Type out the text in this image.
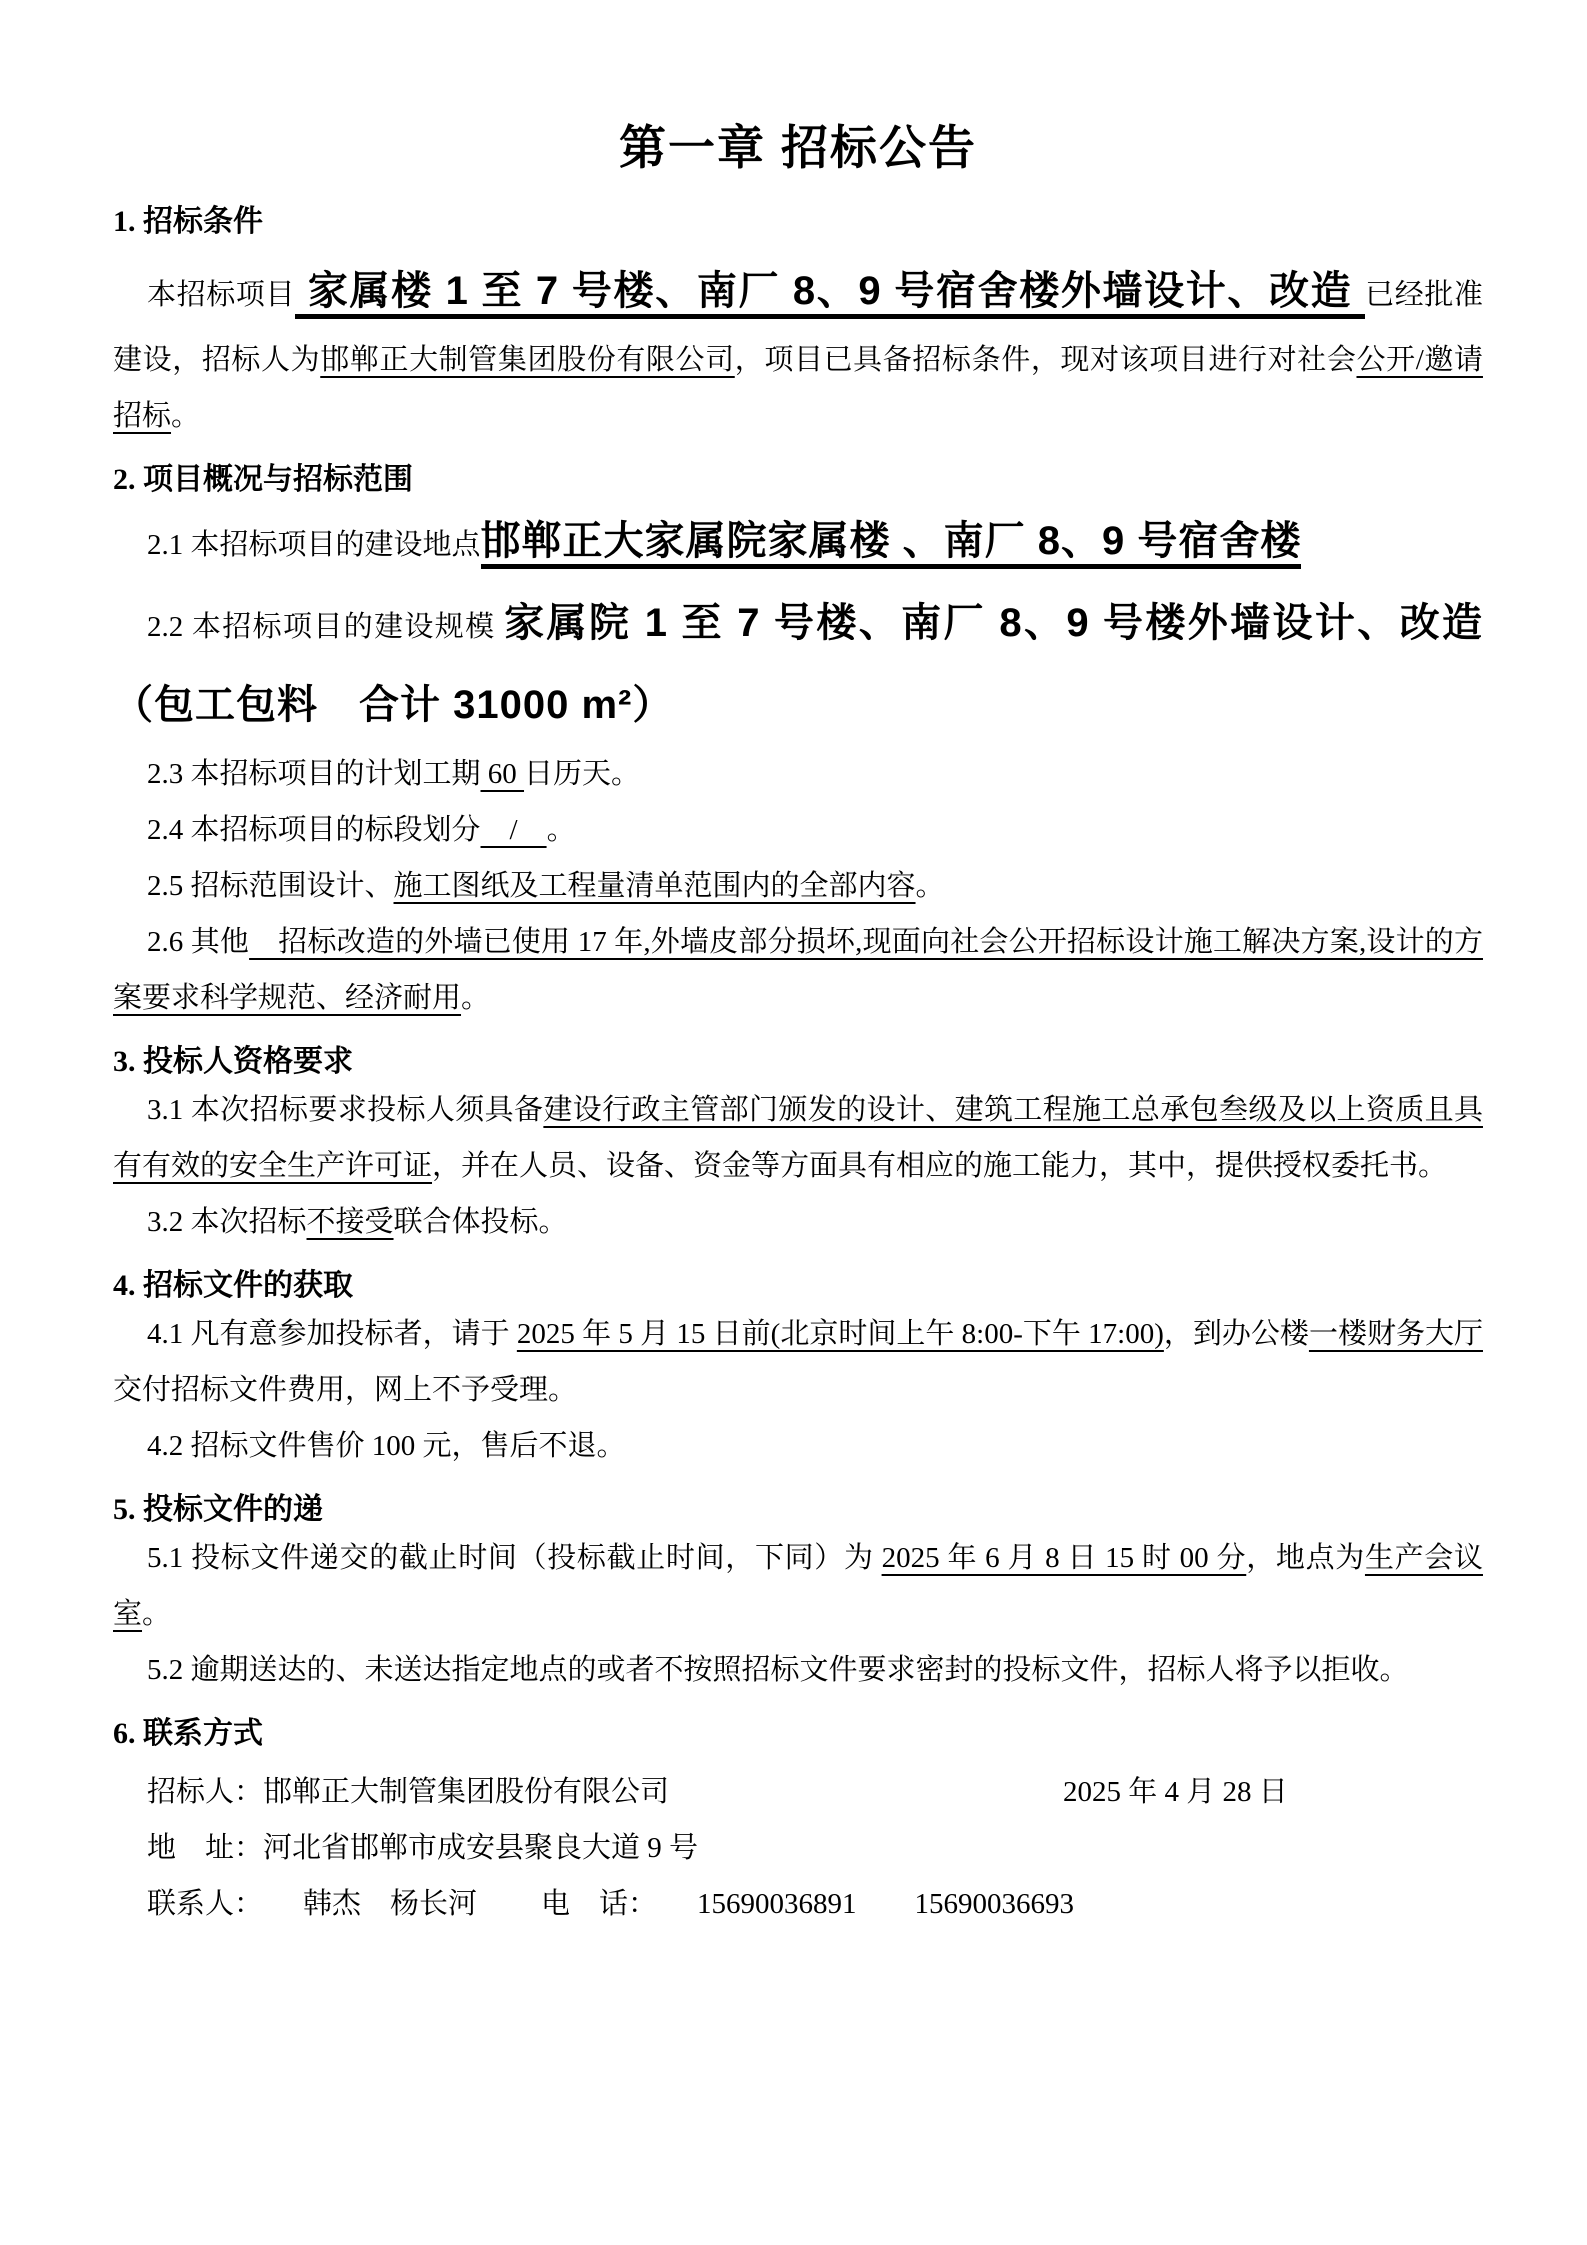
第一章 招标公告
1. 招标条件

本招标项目 家属楼 1 至 7 号楼、南厂 8、9 号宿舍楼外墙设计、改造 已经批准建设，招标人为邯郸正大制管集团股份有限公司，项目已具备招标条件，现对该项目进行对社会公开/邀请招标。

2. 项目概况与招标范围

2.1 本招标项目的建设地点邯郸正大家属院家属楼 、南厂 8、9 号宿舍楼

2.2 本招标项目的建设规模 家属院 1 至 7 号楼、南厂 8、9 号楼外墙设计、改造（包工包料　合计 31000 m²）

2.3 本招标项目的计划工期 60 日历天。

2.4 本招标项目的标段划分　/　。

2.5 招标范围设计、施工图纸及工程量清单范围内的全部内容。

2.6 其他　招标改造的外墙已使用 17 年,外墙皮部分损坏,现面向社会公开招标设计施工解决方案,设计的方案要求科学规范、经济耐用。

3. 投标人资格要求

3.1 本次招标要求投标人须具备建设行政主管部门颁发的设计、建筑工程施工总承包叁级及以上资质且具有有效的安全生产许可证，并在人员、设备、资金等方面具有相应的施工能力，其中，提供授权委托书。

3.2 本次招标不接受联合体投标。

4. 招标文件的获取

4.1 凡有意参加投标者，请于 2025 年 5 月 15 日前(北京时间上午 8:00-下午 17:00)，到办公楼一楼财务大厅交付招标文件费用，网上不予受理。

4.2 招标文件售价 100 元，售后不退。

5. 投标文件的递

5.1 投标文件递交的截止时间（投标截止时间，下同）为 2025 年 6 月 8 日 15 时 00 分，地点为生产会议室。

5.2 逾期送达的、未送达指定地点的或者不按照招标文件要求密封的投标文件，招标人将予以拒收。

6. 联系方式

招标人：邯郸正大制管集团股份有限公司	2025 年 4 月 28 日

地　址：河北省邯郸市成安县聚良大道 9 号

联系人： 韩杰　杨长河 电　话： 15690036891　　15690036693
